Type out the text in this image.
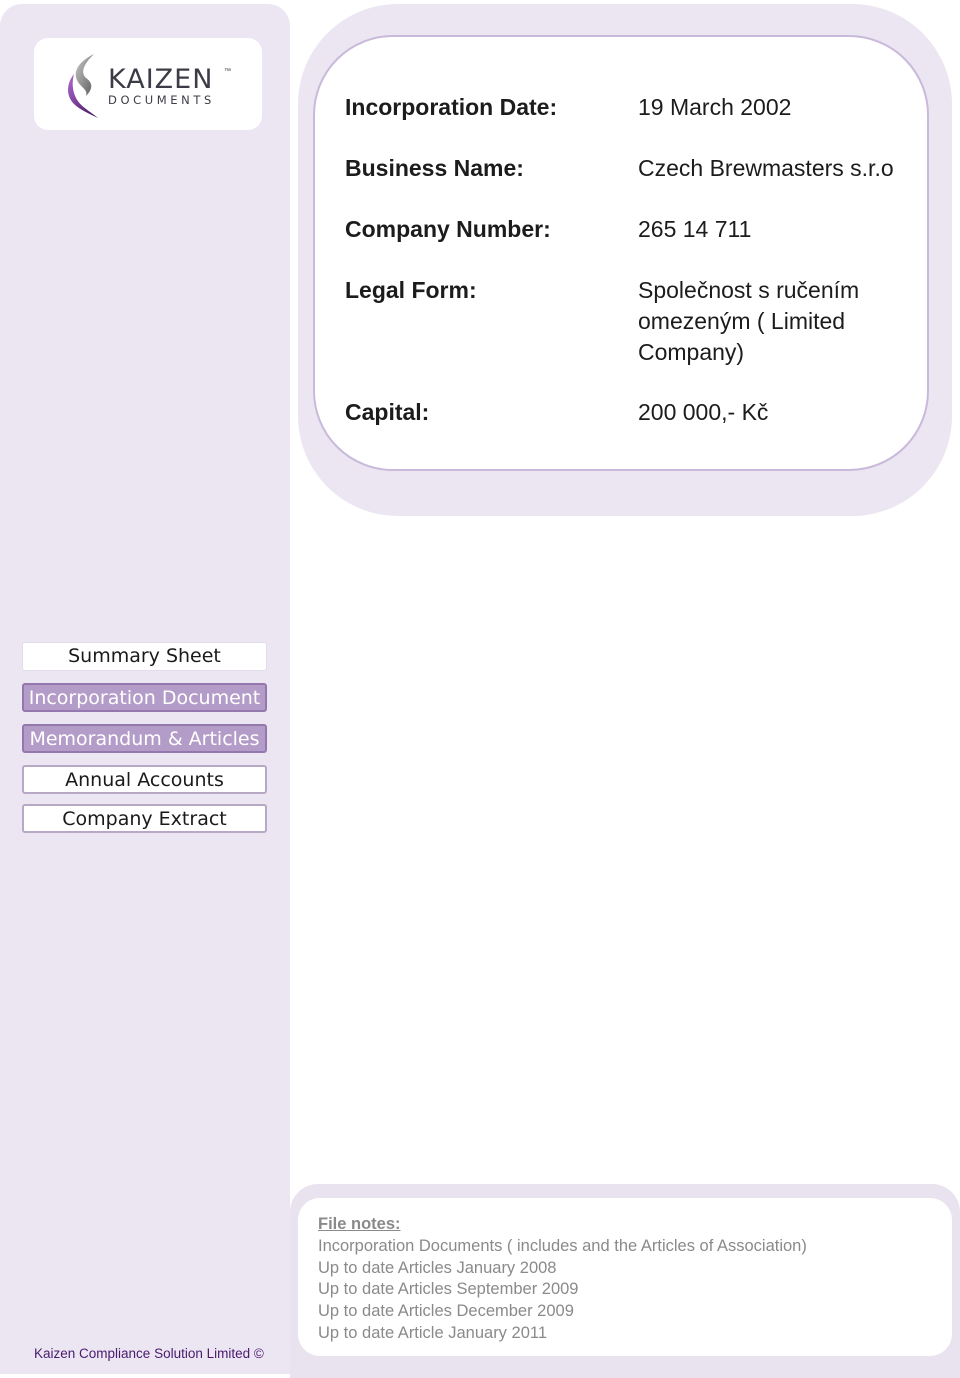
KAIZEN ™
DOCUMENTS	Incorporation Date:	19 March 2002
Business Name:	Czech Brewmasters s.r.o
Company Number:	265 14 711
Legal Form:	Společnost s ručením omezeným ( Limited Company)
Capital:	200 000,- Kč
Summary Sheet
Incorporation Document
Memorandum & Articles
Annual Accounts
Company Extract
File notes:
Incorporation Documents ( includes and the Articles of Association)
Up to date Articles January 2008
Up to date Articles September 2009
Up to date Articles December 2009
Up to date Article January 2011
Kaizen Compliance Solution Limited ©
